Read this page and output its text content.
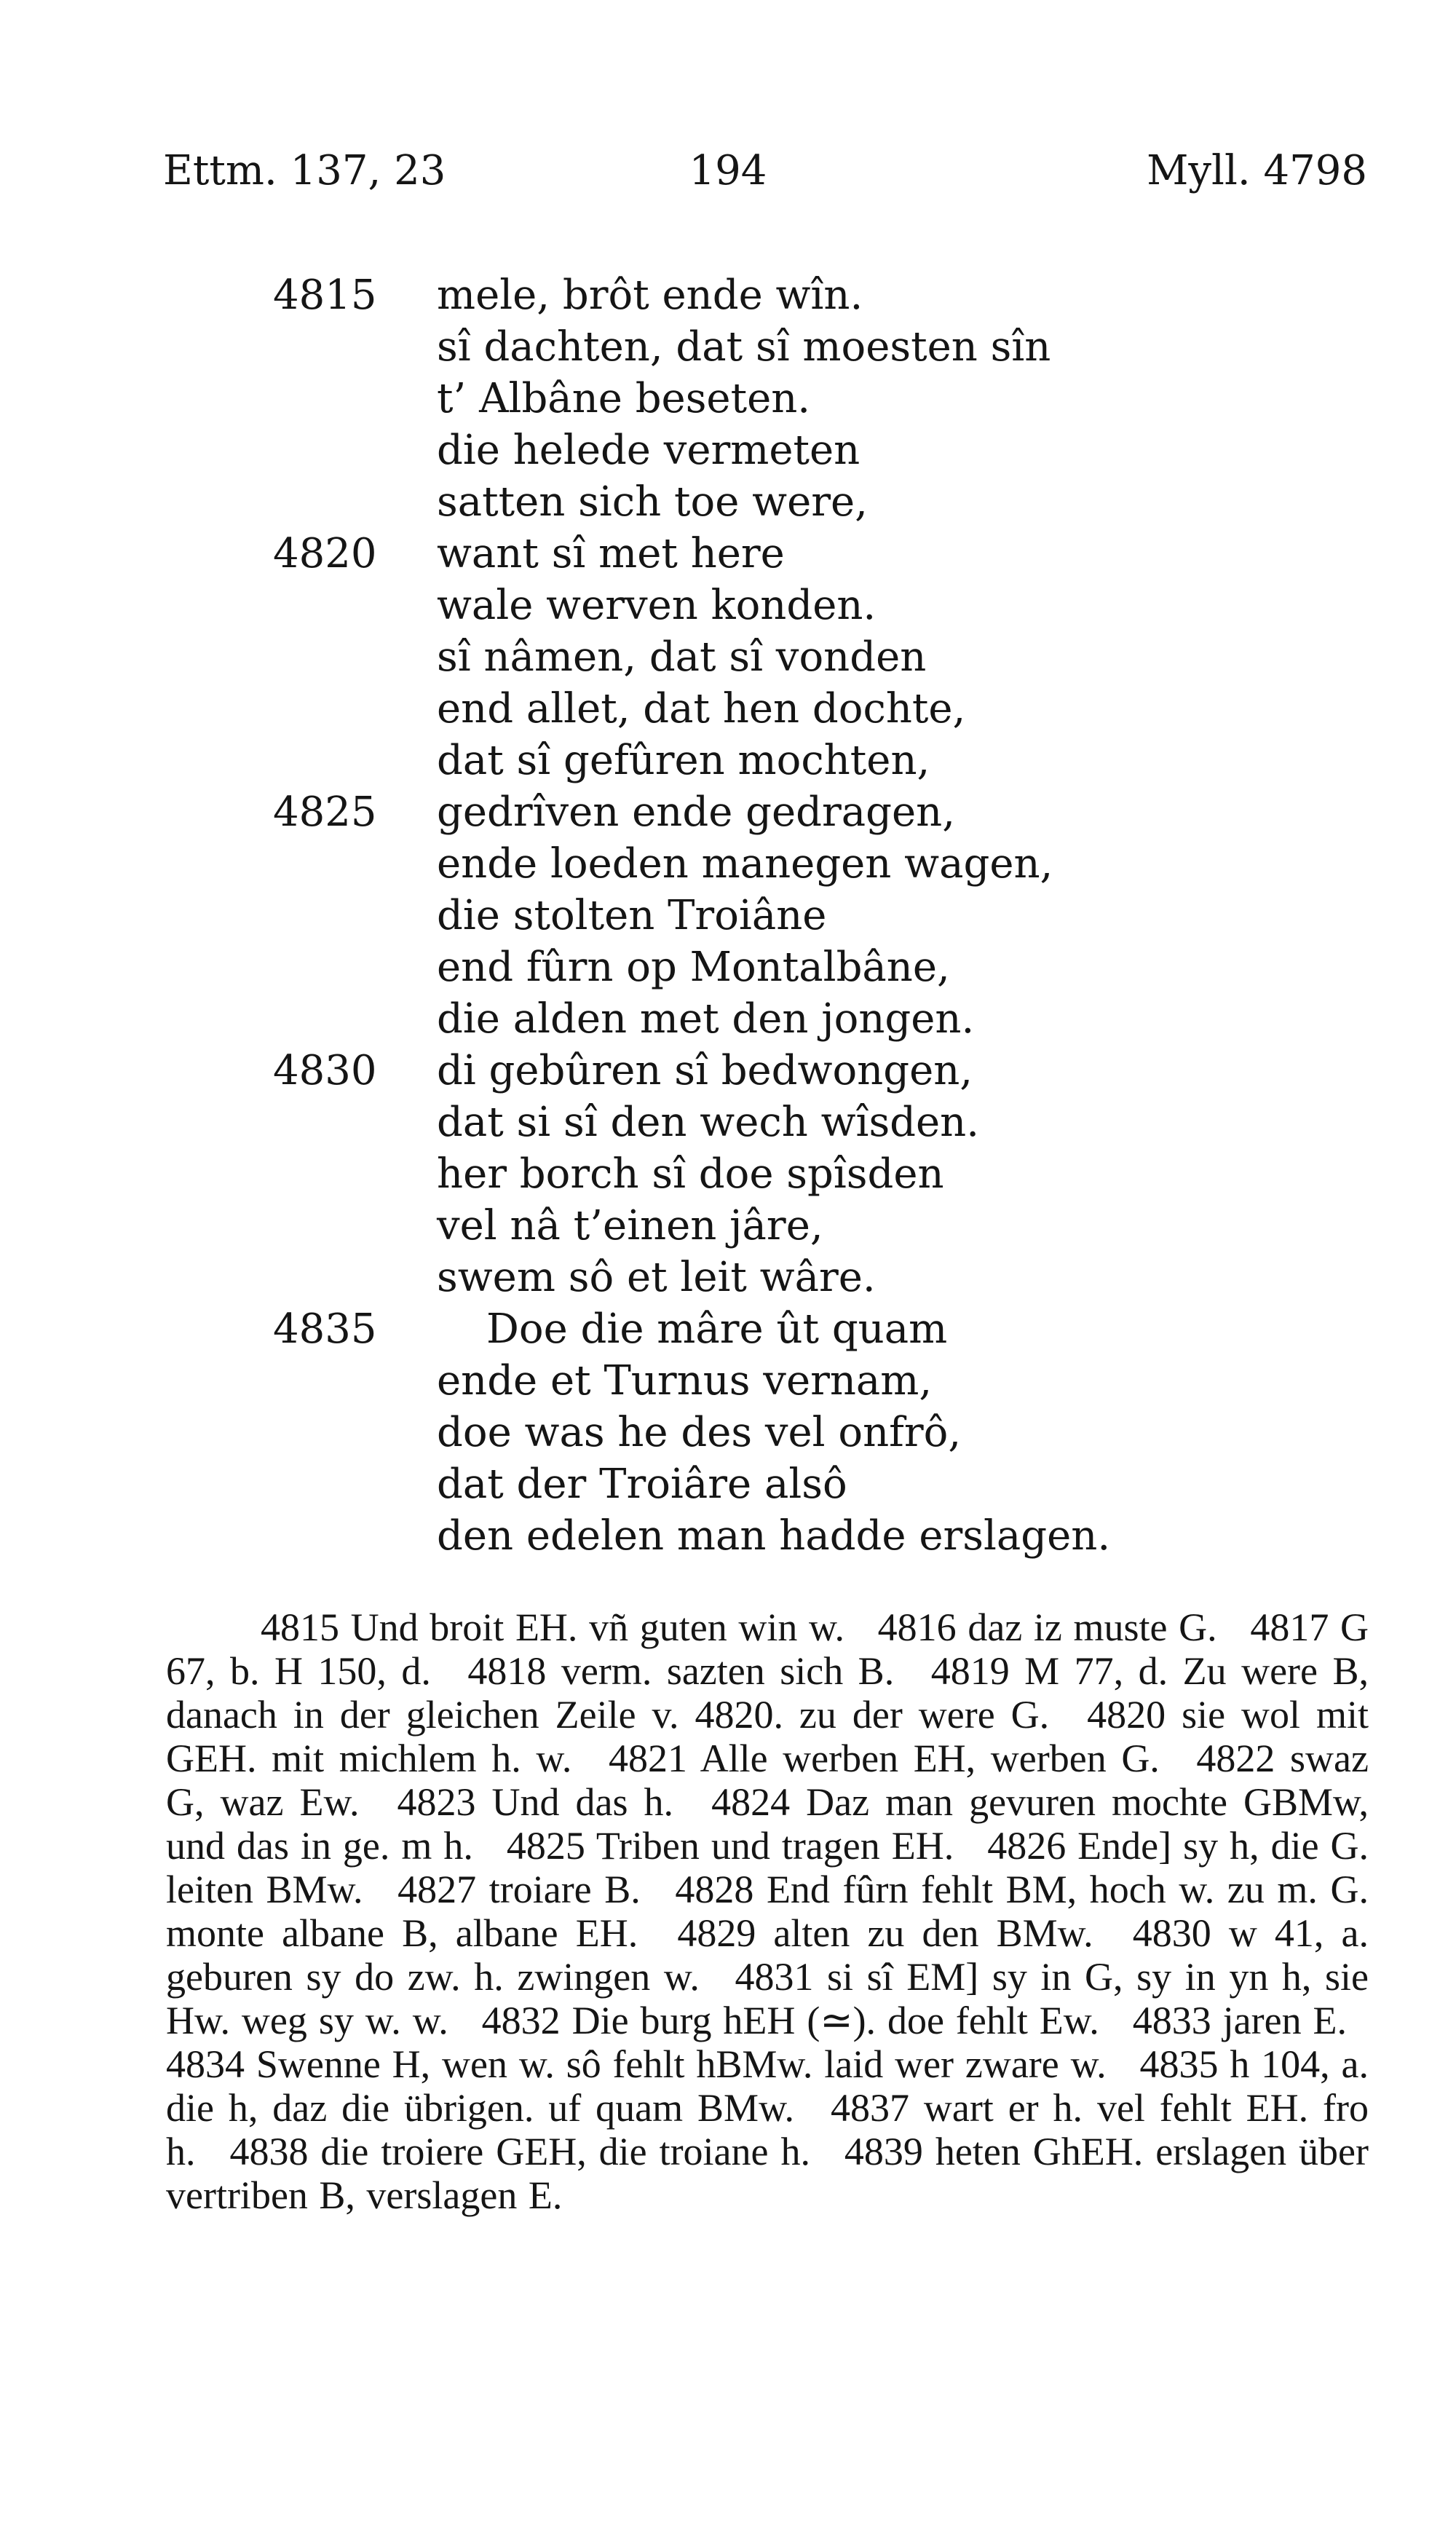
Ettm. 137, 23	194	Myll. 4798
4815 mele, brôt ende wîn.
sî dachten, dat sî moesten sîn
t’ Albâne beseten.
die helede vermeten
satten sich toe were,
4820 want sî met here
wale werven konden.
sî nâmen, dat sî vonden
end allet, dat hen dochte,
dat sî gefûren mochten,
4825 gedrîven ende gedragen,
ende loeden manegen wagen,
die stolten Troiâne
end fûrn op Montalbâne,
die alden met den jongen.
4830 di gebûren sî bedwongen,
dat si sî den wech wîsden.
her borch sî doe spîsden
vel nâ t’einen jâre,
swem sô et leit wâre.
4835	Doe die mâre ût quam
ende et Turnus vernam,
doe was he des vel onfrô,
dat der Troiâre alsô
den edelen man hadde erslagen.
4815 Und broit EH. vñ guten win w. 4816 daz iz muste G. 4817 G 67, b. H 150, d. 4818 verm. sazten sich B. 4819 M 77, d. Zu were B, danach in der gleichen Zeile v. 4820. zu der were G. 4820 sie wol mit GEH. mit michlem h. w. 4821 Alle werben EH, werben G. 4822 swaz G, waz Ew. 4823 Und das h. 4824 Daz man gevuren mochte GBMw, und das in ge. m h. 4825 Triben und tragen EH. 4826 Ende] sy h, die G. leiten BMw. 4827 troiare B. 4828 End fûrn fehlt BM, hoch w. zu m. G. monte albane B, albane EH. 4829 alten zu den BMw. 4830 w 41, a. geburen sy do zw. h. zwingen w. 4831 si sî EM] sy in G, sy in yn h, sie Hw. weg sy w. w. 4832 Die burg hEH (≃). doe fehlt Ew. 4833 jaren E. 4834 Swenne H, wen w. sô fehlt hBMw. laid wer zware w. 4835 h 104, a. die h, daz die übrigen. uf quam BMw. 4837 wart er h. vel fehlt EH. fro h. 4838 die troiere GEH, die troiane h. 4839 heten GhEH. erslagen über vertriben B, verslagen E.
